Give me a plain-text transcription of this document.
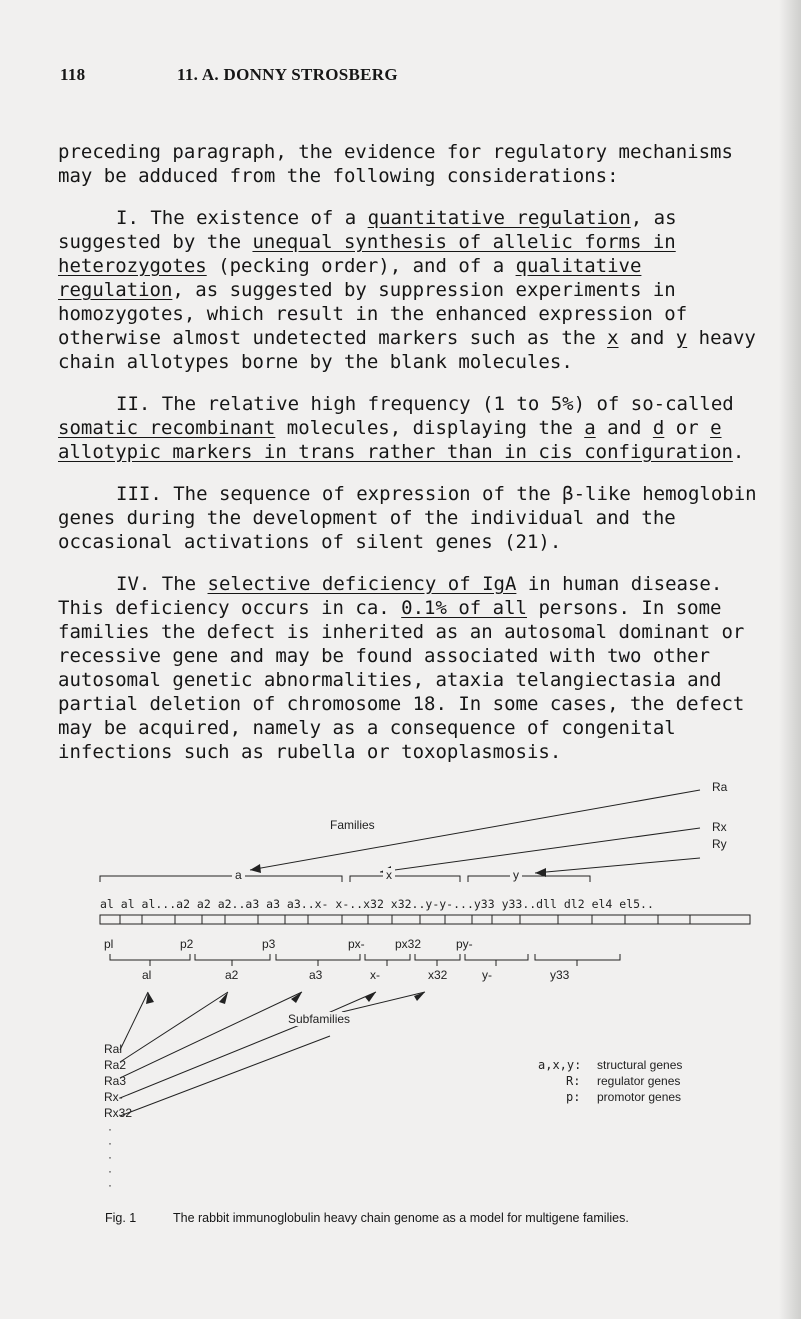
118	11. A. DONNY STROSBERG

preceding paragraph, the evidence for regulatory mechanisms may be adduced from the following considerations:

I. The existence of a quantitative regulation, as suggested by the unequal synthesis of allelic forms in heterozygotes (pecking order), and of a qualitative regulation, as suggested by suppression experiments in homozygotes, which result in the enhanced expression of otherwise almost undetected markers such as the x and y heavy chain allotypes borne by the blank molecules.

II. The relative high frequency (1 to 5%) of so-called somatic recombinant molecules, displaying the a and d or e allotypic markers in trans rather than in cis configuration.

III. The sequence of expression of the β-like hemoglobin genes during the development of the individual and the occasional activations of silent genes (21).

IV. The selective deficiency of IgA in human disease. This deficiency occurs in ca. 0.1% of all persons. In some families the defect is inherited as an autosomal dominant or recessive gene and may be found associated with two other autosomal genetic abnormalities, ataxia telangiectasia and partial deletion of chromosome 18. In some cases, the defect may be acquired, namely as a consequence of congenital infections such as rubella or toxoplasmosis.

Families
Ra
Rx
Ry
a	x	y
al al al...a2 a2 a2..a3 a3 a3..x- x-..x32 x32..y-y-...y33 y33..dll dl2 el4 el5..
pl	p2	p3	px-	px32	py-
al	a2	a3	x-	x32	y-	y33
Subfamilies
Ral
Ra2
Ra3
Rx-
Rx32
·
·
·
·
·
a,x,y: structural genes
R: regulator genes
p: promotor genes
Fig. 1	The rabbit immunoglobulin heavy chain genome as a model for multigene families.
